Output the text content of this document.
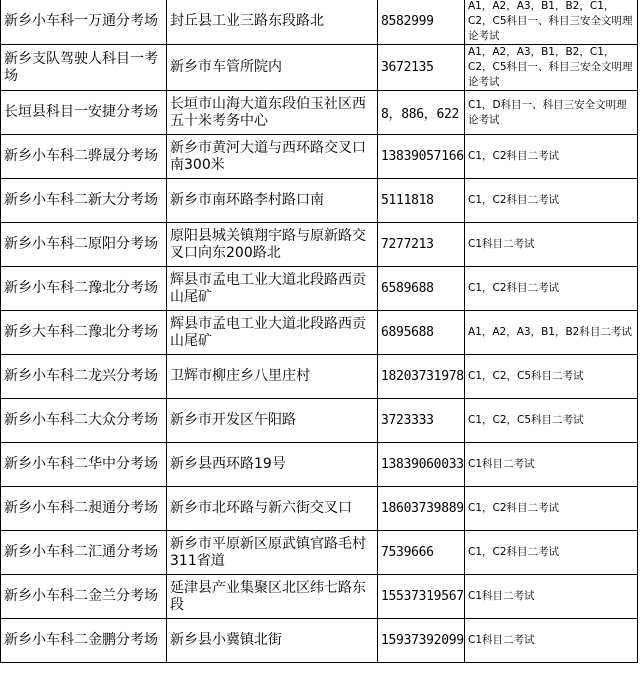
新乡小车科一万通分考场	封丘县工业三路东段路北	8582999	A1，A2，A3，B1，B2，C1，C2，C5科目一、科目三安全文明理论考试
新乡支队驾驶人科目一考场	新乡市车管所院内	3672135	A1，A2，A3，B1，B2，C1，C2，C5科目一、科目三安全文明理论考试
长垣县科目一安捷分考场	长垣市山海大道东段伯玉社区西五十米考务中心	8，886，622	C1，D科目一、科目三安全文明理论考试
新乡小车科二骅晟分考场	新乡市黄河大道与西环路交叉口南300米	13839057166	C1，C2科目二考试
新乡小车科二新大分考场	新乡市南环路李村路口南	5111818	C1，C2科目二考试
新乡小车科二原阳分考场	原阳县城关镇翔宇路与原新路交叉口向东200路北	7277213	C1科目二考试
新乡小车科二豫北分考场	辉县市孟电工业大道北段路西贡山尾矿	6589688	C1，C2科目二考试
新乡大车科二豫北分考场	辉县市孟电工业大道北段路西贡山尾矿	6895688	A1，A2，A3，B1，B2科目二考试
新乡小车科二龙兴分考场	卫辉市柳庄乡八里庄村	18203731978	C1，C2，C5科目二考试
新乡小车科二大众分考场	新乡市开发区午阳路	3723333	C1，C2，C5科目二考试
新乡小车科二华中分考场	新乡县西环路19号	13839060033	C1科目二考试
新乡小车科二昶通分考场	新乡市北环路与新六街交叉口	18603739889	C1，C2科目二考试
新乡小车科二汇通分考场	新乡市平原新区原武镇官路毛村311省道	7539666	C1，C2科目二考试
新乡小车科二金兰分考场	延津县产业集聚区北区纬七路东段	15537319567	C1科目二考试
新乡小车科二金鹏分考场	新乡县小冀镇北街	15937392099	C1科目二考试
